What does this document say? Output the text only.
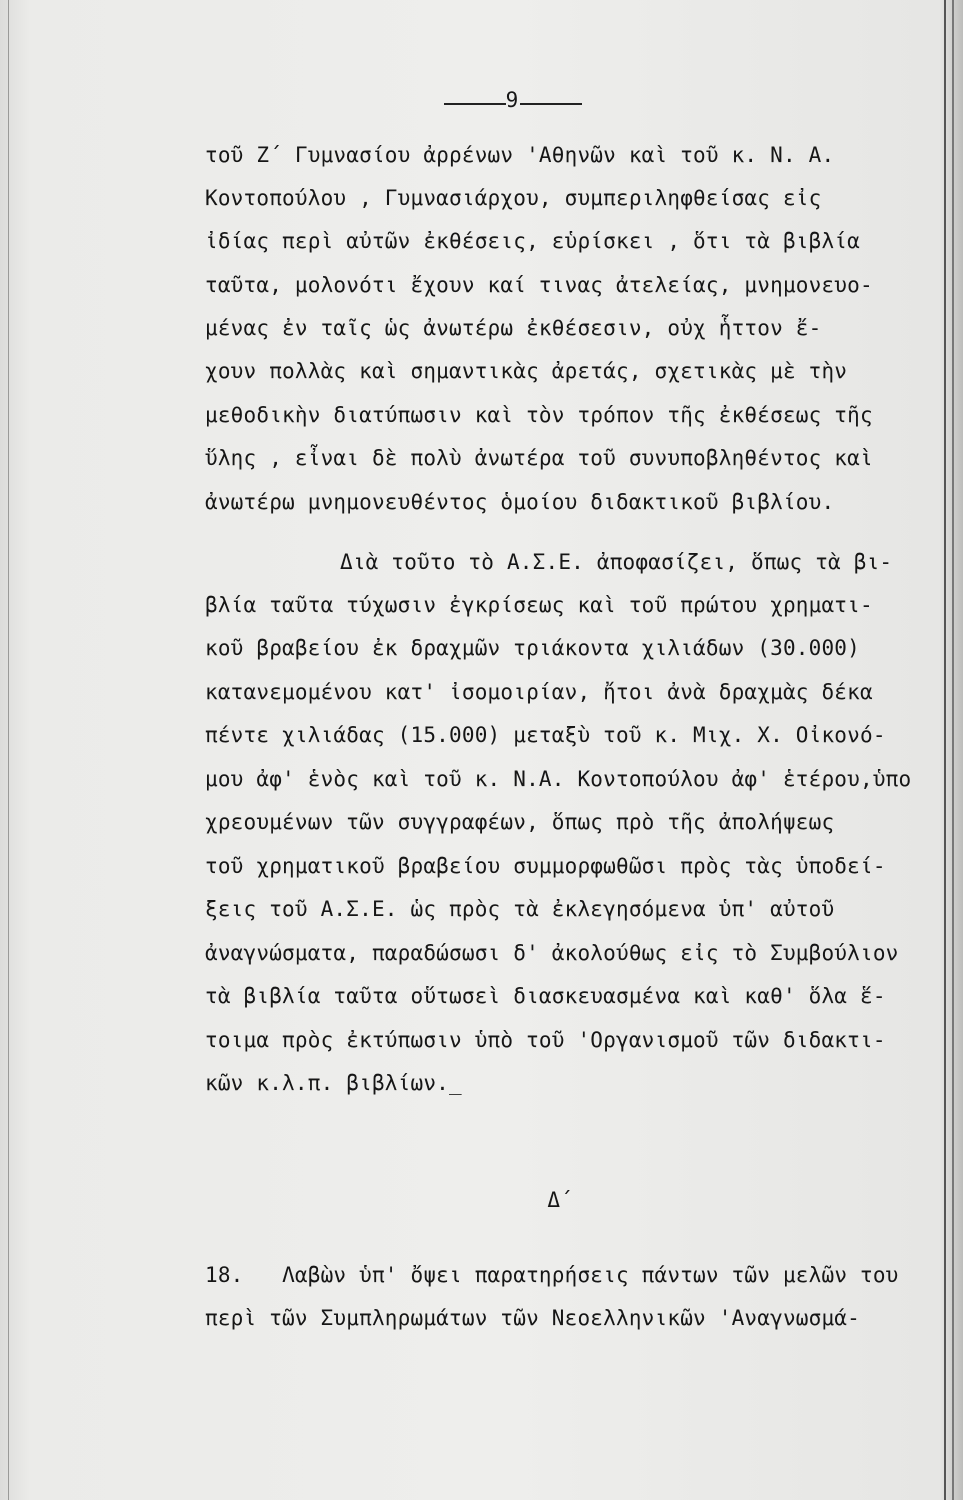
9
τοῦ Ζ΄ Γυμνασίου ἀρρένων 'Αθηνῶν καὶ τοῦ κ. Ν. Α.
Κοντοπούλου , Γυμνασιάρχου, συμπεριληφθείσας εἰς
ἰδίας περὶ αὐτῶν ἐκθέσεις, εὑρίσκει , ὅτι τὰ βιβλία
ταῦτα, μολονότι ἔχουν καί τινας ἀτελείας, μνημονευο-
μένας ἐν ταῖς ὡς ἀνωτέρω ἐκθέσεσιν, οὐχ ἧττον ἔ-
χουν πολλὰς καὶ σημαντικὰς ἀρετάς, σχετικὰς μὲ τὴν
μεθοδικὴν διατύπωσιν καὶ τὸν τρόπον τῆς ἐκθέσεως τῆς
ὕλης , εἶναι δὲ πολὺ ἀνωτέρα τοῦ συνυποβληθέντος καὶ
ἀνωτέρω μνημονευθέντος ὁμοίου διδακτικοῦ βιβλίου.
Διὰ τοῦτο τὸ Α.Σ.Ε. ἀποφασίζει, ὅπως τὰ βι-
βλία ταῦτα τύχωσιν ἐγκρίσεως καὶ τοῦ πρώτου χρηματι-
κοῦ βραβείου ἐκ δραχμῶν τριάκοντα χιλιάδων (30.000)
κατανεμομένου κατ' ἰσομοιρίαν, ἤτοι ἀνὰ δραχμὰς δέκα
πέντε χιλιάδας (15.000) μεταξὺ τοῦ κ. Μιχ. Χ. Οἰκονό-
μου ἀφ' ἑνὸς καὶ τοῦ κ. Ν.Α. Κοντοπούλου ἀφ' ἑτέρου,ὑπο
χρεουμένων τῶν συγγραφέων, ὅπως πρὸ τῆς ἀπολήψεως
τοῦ χρηματικοῦ βραβείου συμμορφωθῶσι πρὸς τὰς ὑποδεί-
ξεις τοῦ Α.Σ.Ε. ὡς πρὸς τὰ ἐκλεγησόμενα ὑπ' αὐτοῦ
ἀναγνώσματα, παραδώσωσι δ' ἀκολούθως εἰς τὸ Συμβούλιον
τὰ βιβλία ταῦτα οὕτωσεὶ διασκευασμένα καὶ καθ' ὅλα ἕ-
τοιμα πρὸς ἐκτύπωσιν ὑπὸ τοῦ 'Οργανισμοῦ τῶν διδακτι-
κῶν κ.λ.π. βιβλίων._
Δ΄
18. Λαβὼν ὑπ' ὄψει παρατηρήσεις πάντων τῶν μελῶν του
περὶ τῶν Συμπληρωμάτων τῶν Νεοελληνικῶν 'Αναγνωσμά-
